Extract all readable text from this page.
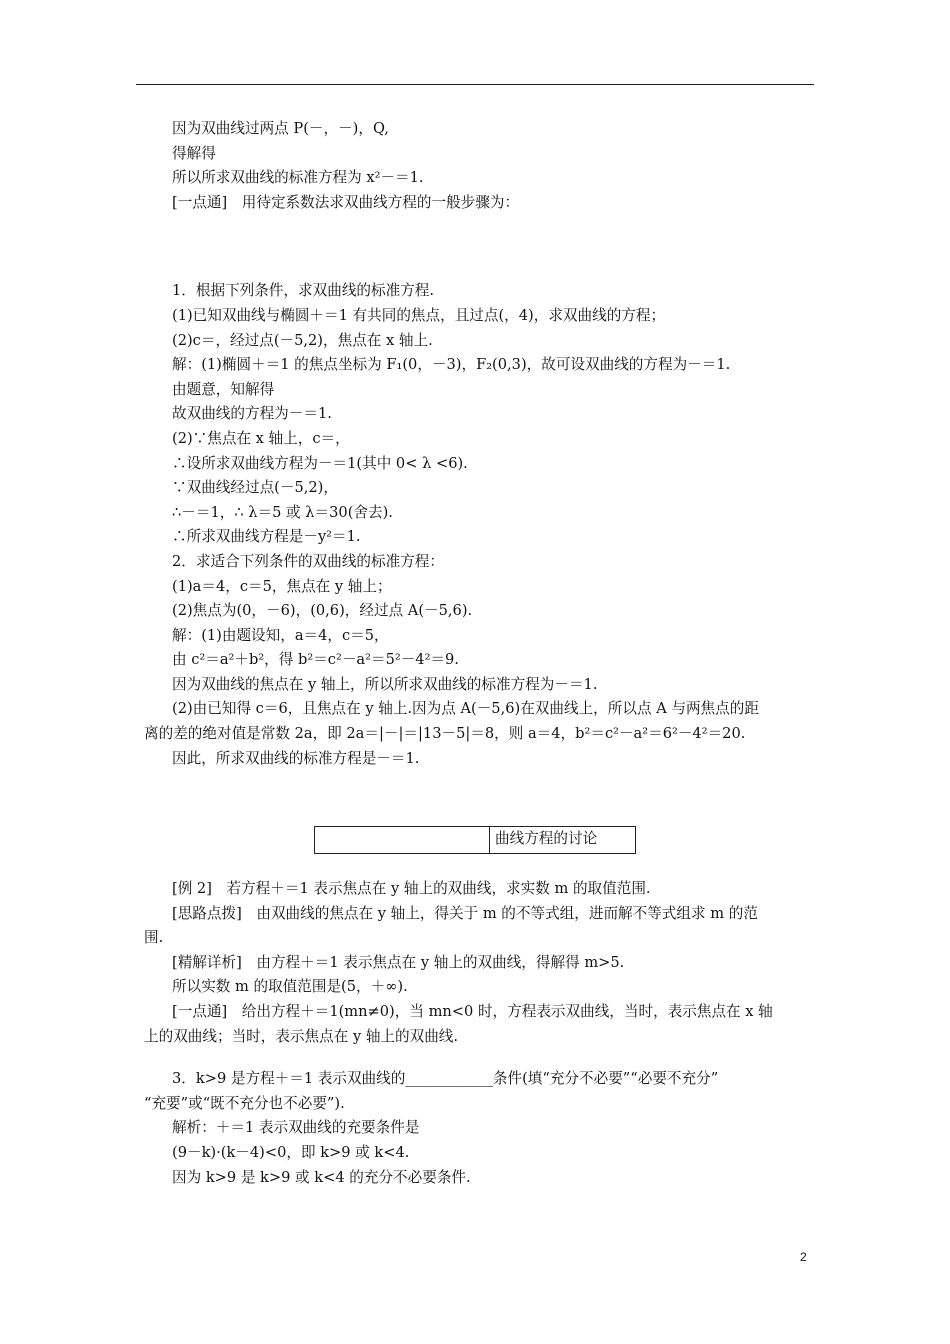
因为双曲线过两点 P(－，－)，Q,
得解得
所以所求双曲线的标准方程为 x²－＝1.
[一点通]　用待定系数法求双曲线方程的一般步骤为：
1．根据下列条件，求双曲线的标准方程.
(1)已知双曲线与椭圆＋＝1 有共同的焦点，且过点(，4)，求双曲线的方程；
(2)c＝，经过点(－5,2)，焦点在 x 轴上.
解：(1)椭圆＋＝1 的焦点坐标为 F₁(0，－3)，F₂(0,3)，故可设双曲线的方程为－＝1.
由题意，知解得
故双曲线的方程为－＝1.
(2)∵焦点在 x 轴上，c＝，
∴设所求双曲线方程为－＝1(其中 0< λ <6).
∵双曲线经过点(－5,2)，
∴－＝1，∴ λ＝5 或 λ＝30(舍去).
∴所求双曲线方程是－y²＝1.
2．求适合下列条件的双曲线的标准方程：
(1)a＝4，c＝5，焦点在 y 轴上；
(2)焦点为(0，－6)，(0,6)，经过点 A(－5,6).
解：(1)由题设知，a＝4，c＝5，
由 c²＝a²＋b²，得 b²＝c²－a²＝5²－4²＝9.
因为双曲线的焦点在 y 轴上，所以所求双曲线的标准方程为－＝1.
(2)由已知得 c＝6，且焦点在 y 轴上.因为点 A(－5,6)在双曲线上，所以点 A 与两焦点的距
离的差的绝对值是常数 2a，即 2a＝|－|＝|13－5|＝8，则 a＝4，b²＝c²－a²＝6²－4²＝20.
因此，所求双曲线的标准方程是－＝1.
曲线方程的讨论
[例 2]　若方程＋＝1 表示焦点在 y 轴上的双曲线，求实数 m 的取值范围.
[思路点拨]　由双曲线的焦点在 y 轴上，得关于 m 的不等式组，进而解不等式组求 m 的范
围.
[精解详析]　由方程＋＝1 表示焦点在 y 轴上的双曲线，得解得 m>5.
所以实数 m 的取值范围是(5，＋∞).
[一点通]　给出方程＋＝1(mn≠0)，当 mn<0 时，方程表示双曲线，当时，表示焦点在 x 轴
上的双曲线；当时，表示焦点在 y 轴上的双曲线.
3．k>9 是方程＋＝1 表示双曲线的____________条件(填“充分不必要”“必要不充分”
“充要”或“既不充分也不必要”).
解析：＋＝1 表示双曲线的充要条件是
(9－k)·(k－4)<0，即 k>9 或 k<4.
因为 k>9 是 k>9 或 k<4 的充分不必要条件.
2
